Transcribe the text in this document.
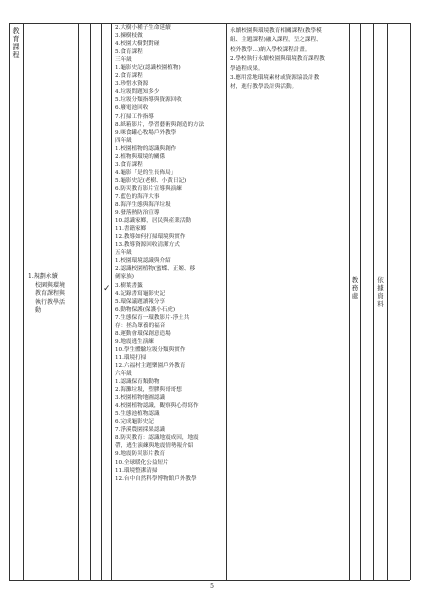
教育課程
1.規劃永續
校園與環境
教育課程與
執行教學活
動
✓
2.大樹小種子生命延續
3.揀樹枝做
4.校園大樹對對碰
5.食育課程
三年級
1.龜影史記(認識校園植物)
2.食育課程
3.珍惜水資源
4.垃圾問題知多少
5.垃圾分類指導與資源回收
6.廢電池回收
7.打掃工作指導
8.紙箱影片，學習藝術與創造的方法
9.咪食罐心牧場戶外教學
四年級
1.校園植物的認識與創作
2.植物與環境的關係
3.食育課程
4.龜影「是的生長佈局」
5.龜影史記(老樹、小黃日記)
6.防災教育影片宣導與演練
7.藍色的海洋大事
8.海洋生態與海洋垃圾
9.發落熱防治宣導
10.認識家鄉，居民與產業活動
11.書籍家鄉
12.教導如何打掃環境與實作
13.教導資源回收清潔方式
五年級
1.校園環境認識與介紹
2.認識校園植物(蜜蝶、正姬、移
劍家族)
3.樹葉書籤
4.記錄書寫龜影史記
5.環保議題讀報分享
6.動物保護(保護小石虎)
7.生態保育一環教影片-淨土共
存：拯為眾養的福音
8.運動會環保創意造場
9.地震逃生演練
10.學生體驗垃圾分類與實作
11.環境打掃
12.六福村主題樂園戶外教育
六年級
1.認識保育類動物
2.海灘垃圾，塑膠與哥哥想
3.校園植物地圖認識
4.校園植物認識，觀察與心得寫作
5.生態池植物認識
6.完成龜影史記
7.淨溪農園採果認識
8.防災教育：認識地震成因，地震
帶，逃生演練與地震情勢報介紹
9.地震防災影片教育
10.全球暖化公益短片
11.環境整潔清掃
12.台中自然科學博物館戶外教學
永續校園與環境教育相關課程(教學模
組、主題課程)融入課程，呈之課程、
校外教學…)納入學校課程計畫。
2.學校執行永續校園與環境教育課程教
學過程成果。
3.應用當地環境素材或資源協設計教
材，進行教學設計與活動。
教務處
依據資料
5
